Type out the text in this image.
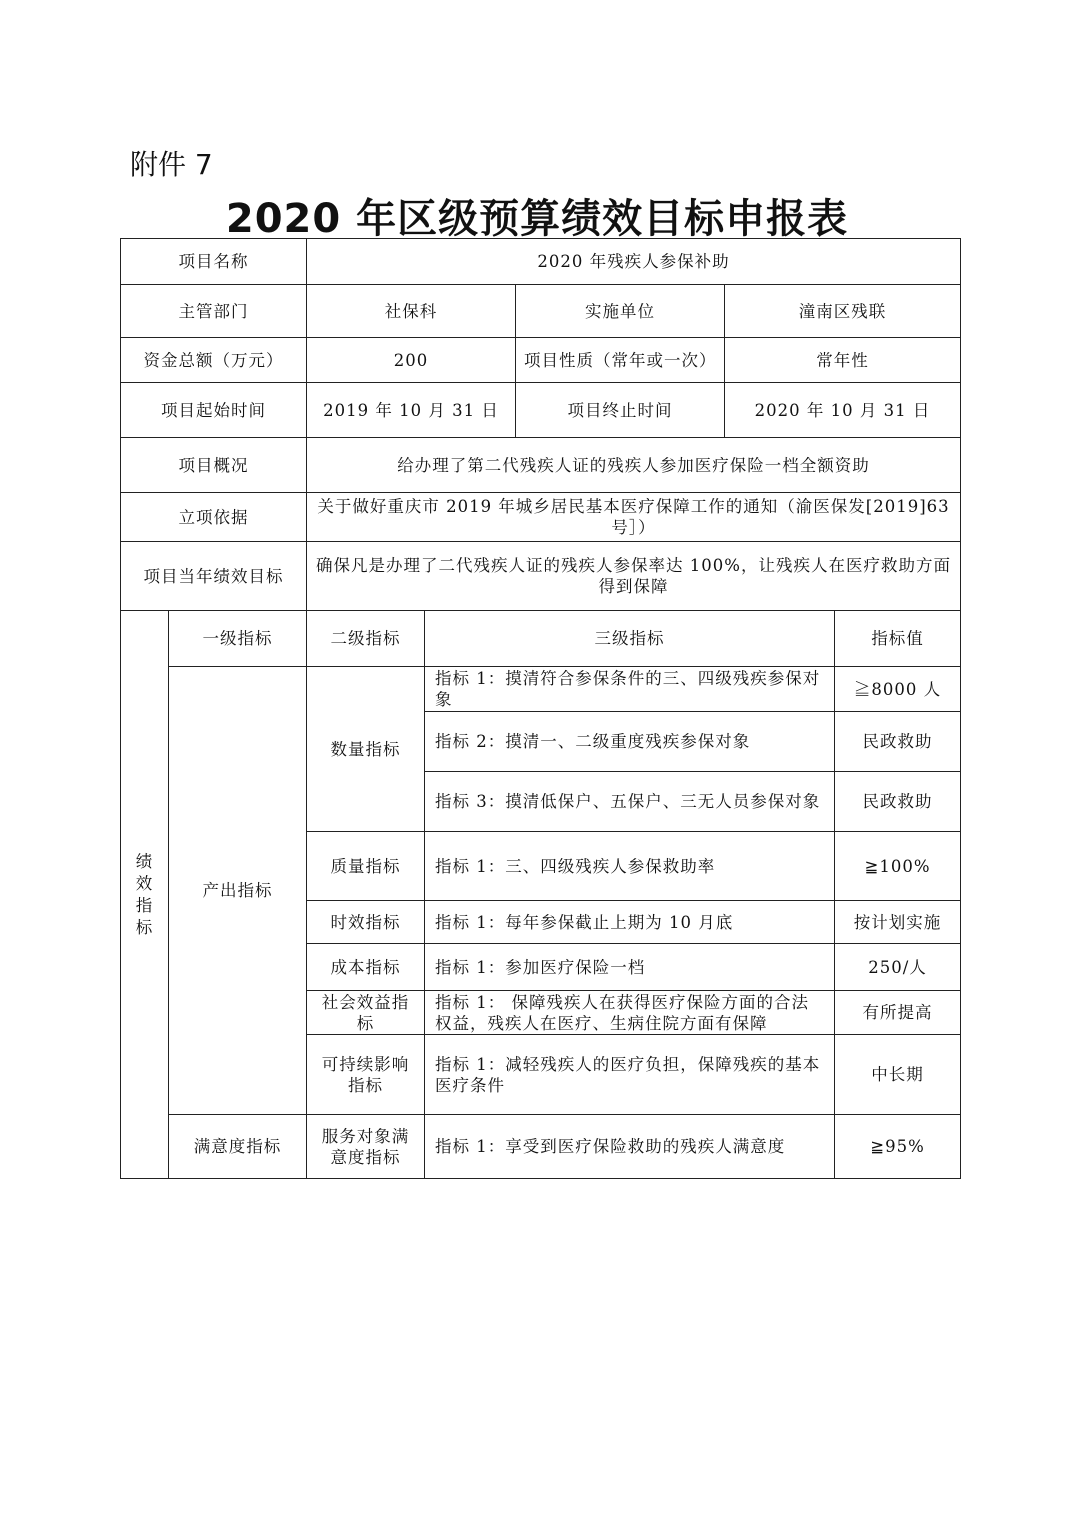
附件 7
2020 年区级预算绩效目标申报表
项目名称		2020 年残疾人参保补助				
主管部门		社保科		实施单位	潼南区残联	
资金总额（万元）		200		项目性质（常年或一次）	常年性	
项目起始时间		2019 年 10 月 31 日		项目终止时间	2020 年 10 月 31 日	
项目概况		给办理了第二代残疾人证的残疾人参加医疗保险一档全额资助				
立项依据		关于做好重庆市 2019 年城乡居民基本医疗保障工作的通知（渝医保发[2019]63 号］）				
项目当年绩效目标		确保凡是办理了二代残疾人证的残疾人参保率达 100%，让残疾人在医疗救助方面得到保障				
绩效指标	一级指标	二级指标	三级指标			指标值
	产出指标	数量指标	指标 1：摸清符合参保条件的三、四级残疾参保对象			≧8000 人
			指标 2：摸清一、二级重度残疾参保对象			民政救助
			指标 3：摸清低保户、五保户、三无人员参保对象			民政救助
		质量指标	指标 1：三、四级残疾人参保救助率			≧100%
		时效指标	指标 1：每年参保截止上期为 10 月底			按计划实施
		成本指标	指标 1：参加医疗保险一档			250/人
		社会效益指标	指标 1： 保障残疾人在获得医疗保险方面的合法权益，残疾人在医疗、生病住院方面有保障			有所提高
		可持续影响指标	指标 1：减轻残疾人的医疗负担，保障残疾的基本医疗条件			中长期
	满意度指标	服务对象满意度指标	指标 1：享受到医疗保险救助的残疾人满意度			≧95%
